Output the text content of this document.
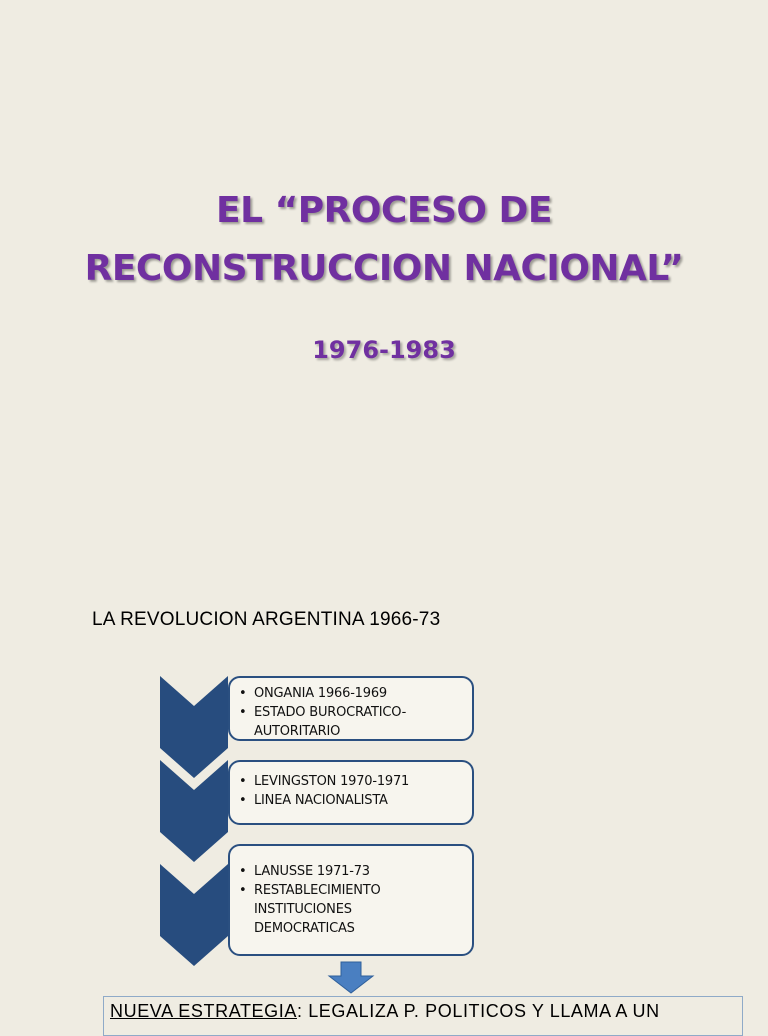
EL “PROCESO DE
RECONSTRUCCION NACIONAL”
1976-1983
LA REVOLUCION ARGENTINA 1966-73
• ONGANIA 1966-1969
• ESTADO BUROCRATICO-AUTORITARIO
• LEVINGSTON 1970-1971
• LINEA NACIONALISTA
• LANUSSE 1971-73
• RESTABLECIMIENTO INSTITUCIONES DEMOCRATICAS
NUEVA ESTRATEGIA: LEGALIZA P. POLITICOS Y LLAMA A UN
